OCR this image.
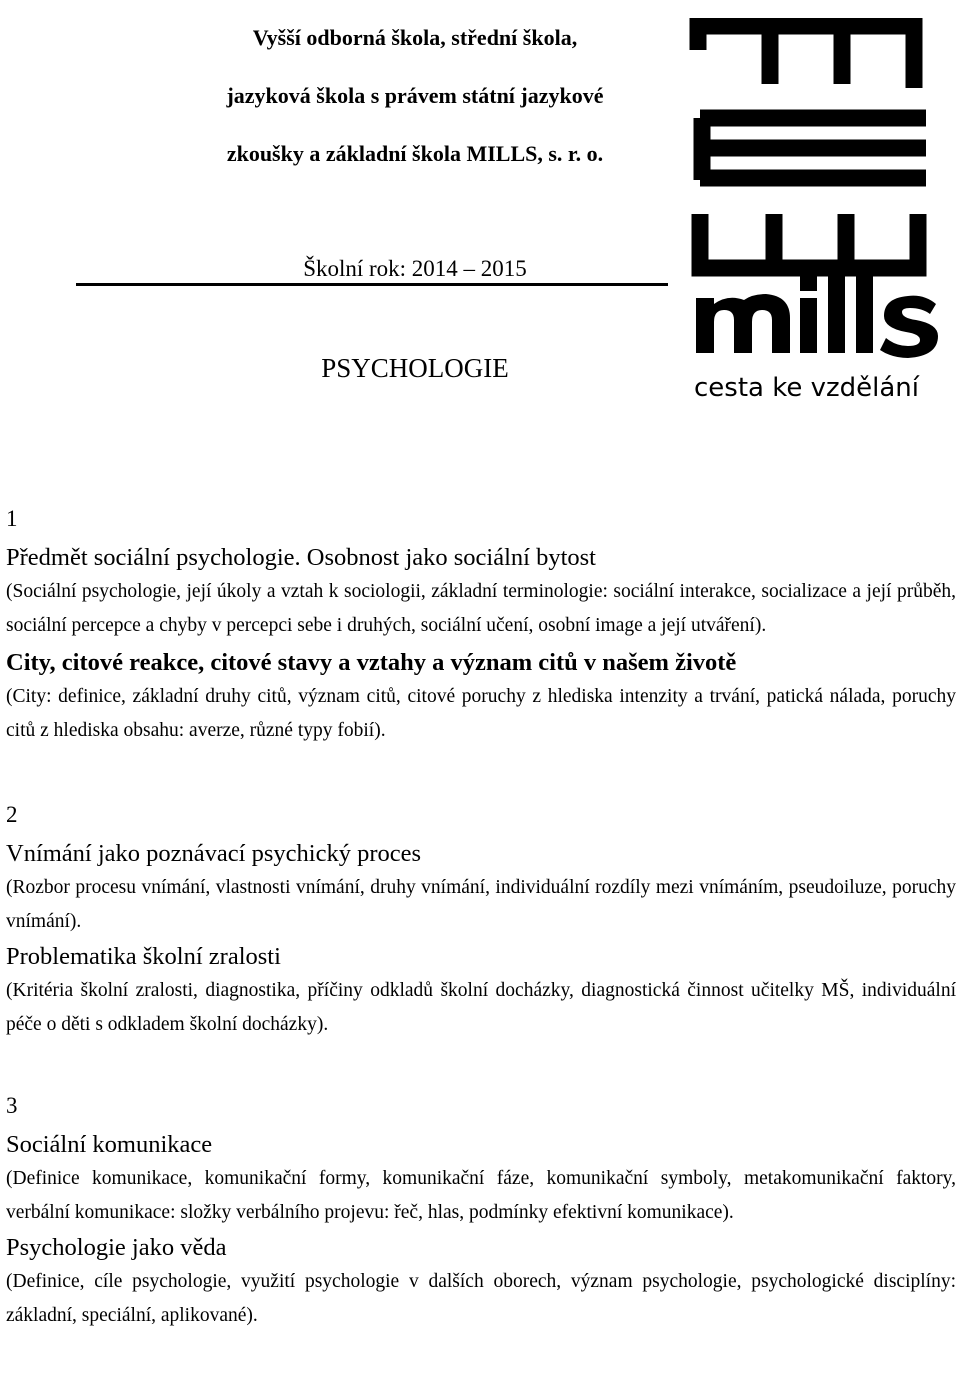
Vyšší odborná škola, střední škola,
jazyková škola s právem státní jazykové
zkoušky a základní škola MILLS, s. r. o.
Školní rok: 2014 – 2015
PSYCHOLOGIE
cesta ke vzdělání
1
Předmět sociální psychologie. Osobnost jako sociální bytost

(Sociální psychologie, její úkoly a vztah k sociologii, základní terminologie: sociální interakce, socializace a její průběh, sociální percepce a chyby v percepci sebe i druhých, sociální učení, osobní image a její utváření).

City, citové reakce, citové stavy a vztahy a význam citů v našem životě

(City: definice, základní druhy citů, význam citů, citové poruchy z hlediska intenzity a trvání, patická nálada, poruchy citů z hlediska obsahu: averze, různé typy fobií).

2
Vnímání jako poznávací psychický proces

(Rozbor procesu vnímání, vlastnosti vnímání, druhy vnímání, individuální rozdíly mezi vnímáním, pseudoiluze, poruchy vnímání).

Problematika školní zralosti

(Kritéria školní zralosti, diagnostika, příčiny odkladů školní docházky, diagnostická činnost učitelky MŠ, individuální péče o děti s odkladem školní docházky).

3
Sociální komunikace

(Definice komunikace, komunikační formy, komunikační fáze, komunikační symboly, metakomunikační faktory, verbální komunikace: složky verbálního projevu: řeč, hlas, podmínky efektivní komunikace).

Psychologie jako věda

(Definice, cíle psychologie, využití psychologie v dalších oborech, význam psychologie, psychologické disciplíny: základní, speciální, aplikované).
